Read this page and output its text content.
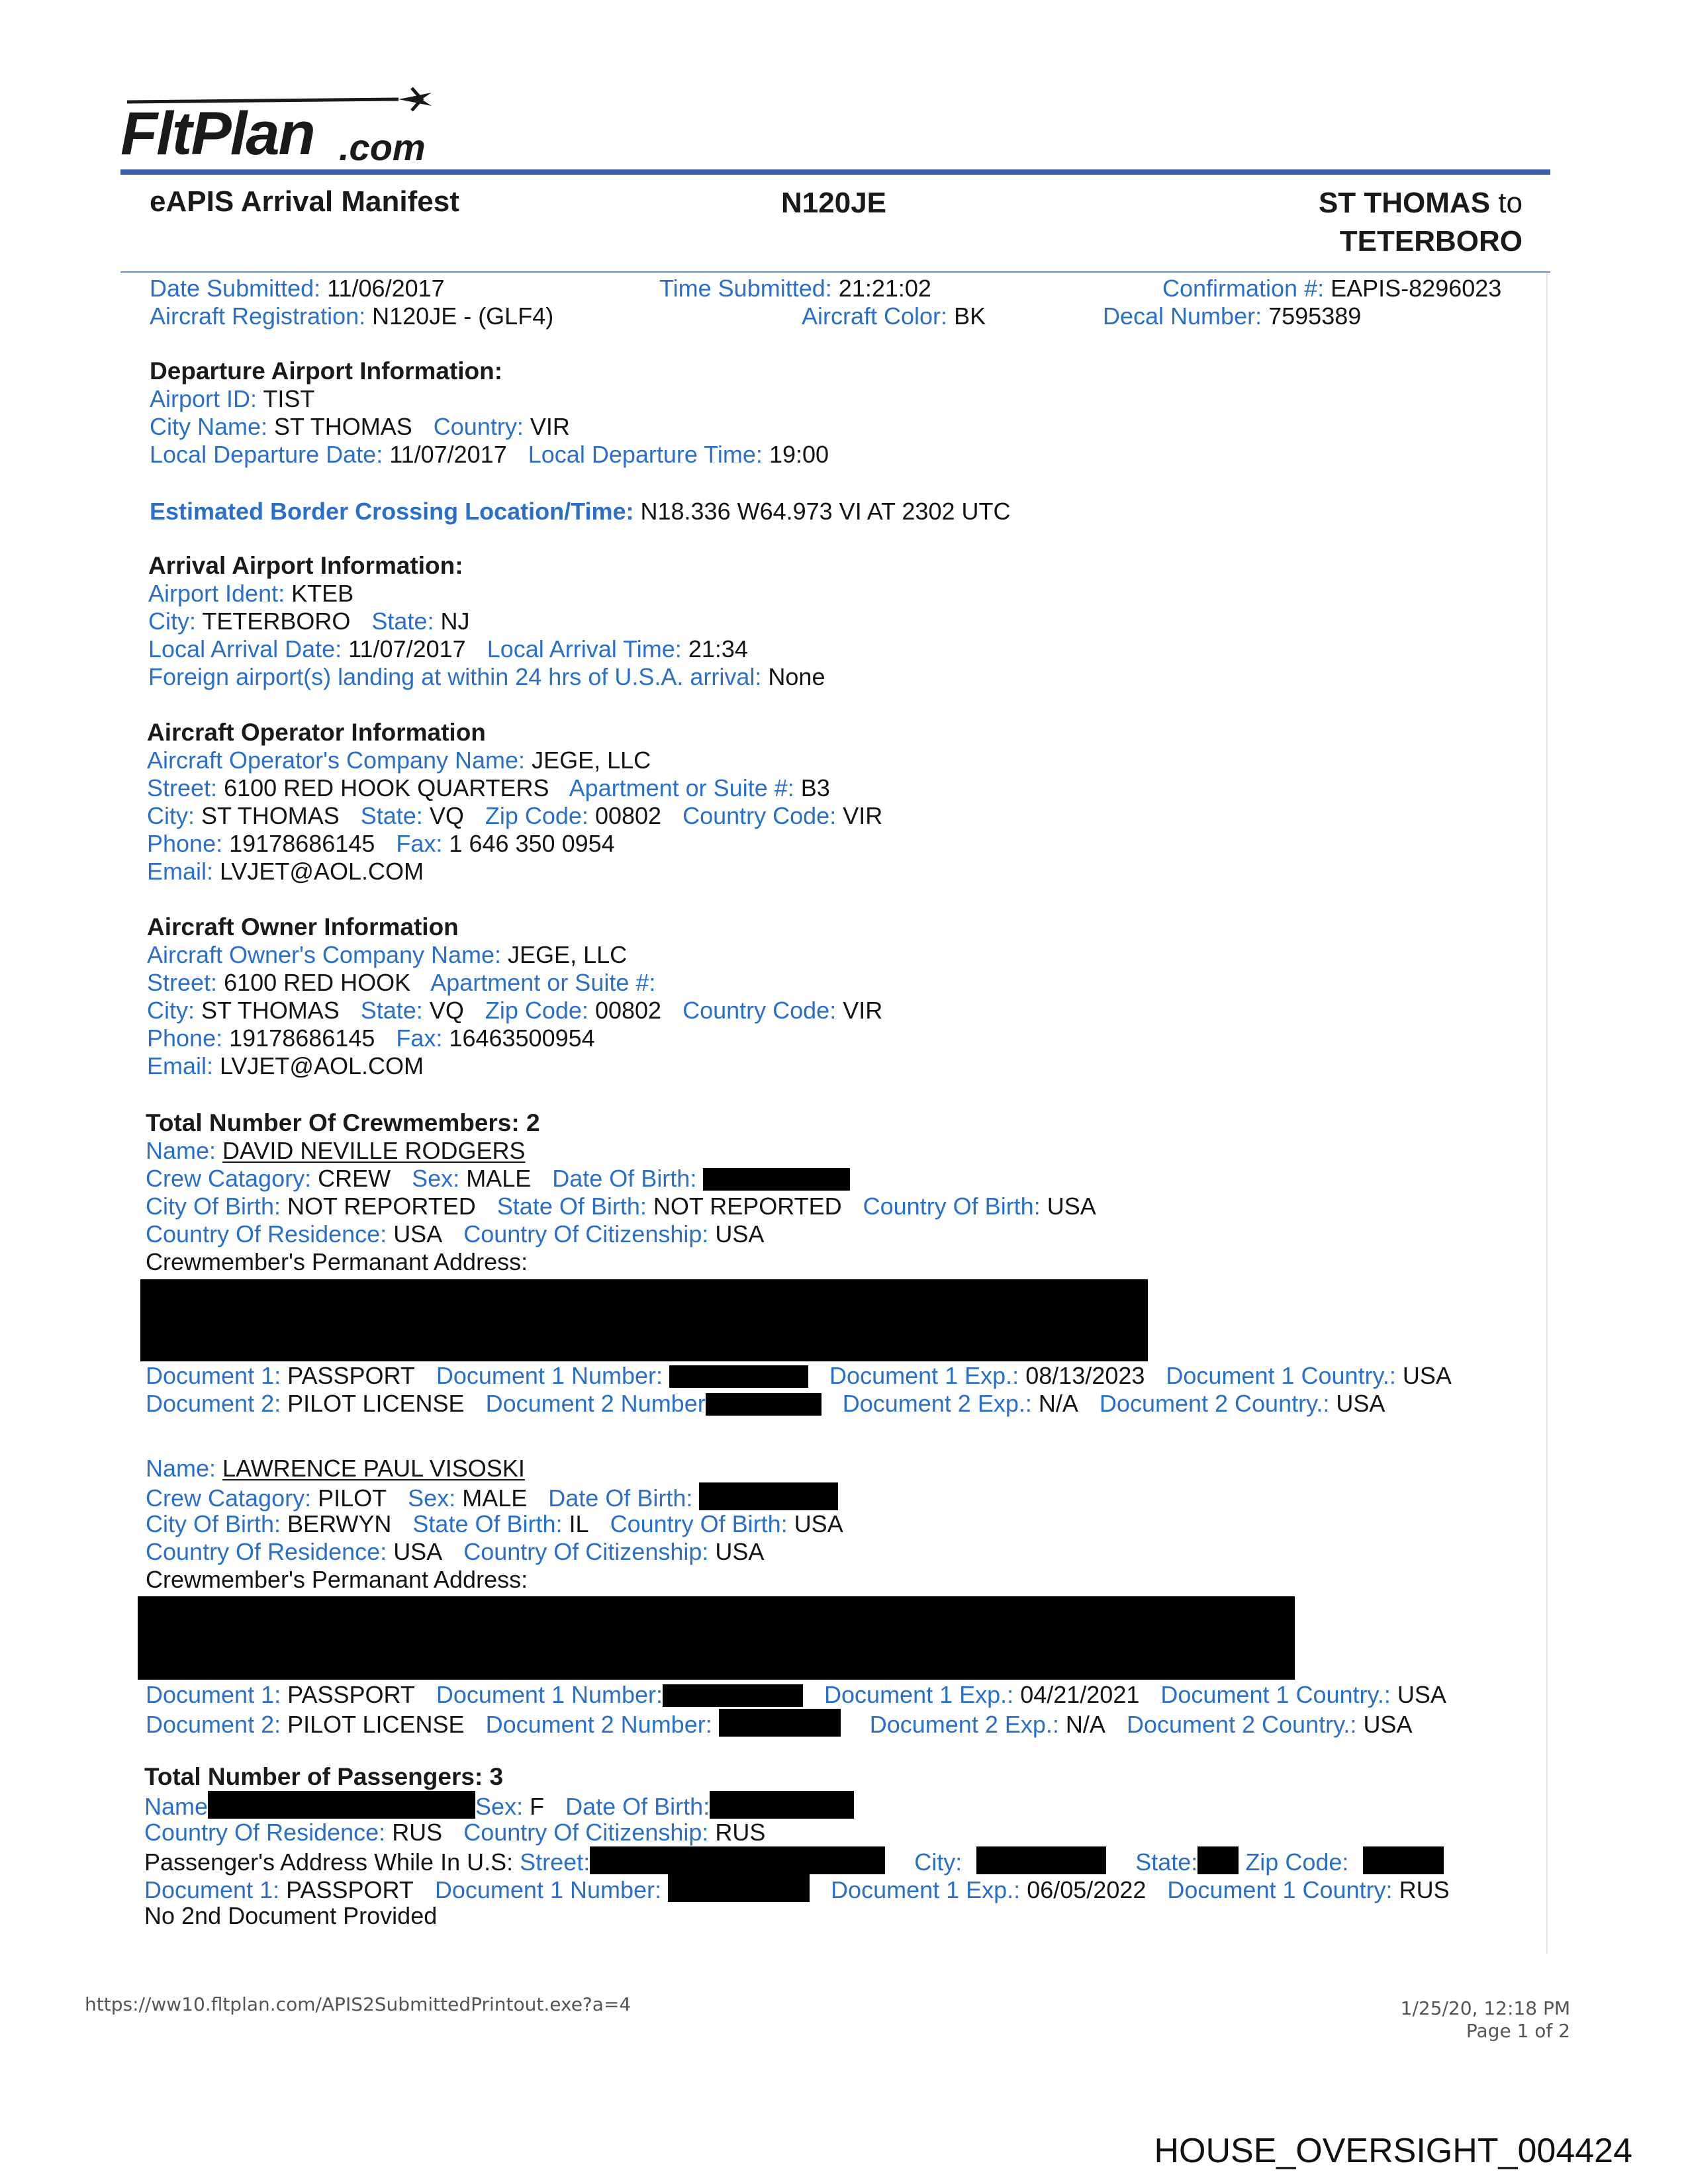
FltPlan .com
eAPIS Arrival Manifest	N120JE	ST THOMAS to
TETERBORO
Date Submitted: 11/06/2017	Time Submitted: 21:21:02	Confirmation #: EAPIS-8296023
Aircraft Registration: N120JE - (GLF4)	Aircraft Color: BK	Decal Number: 7595389
Departure Airport Information:
Airport ID: TIST
City Name: ST THOMAS Country: VIR
Local Departure Date: 11/07/2017 Local Departure Time: 19:00
Estimated Border Crossing Location/Time: N18.336 W64.973 VI AT 2302 UTC
Arrival Airport Information:
Airport Ident: KTEB
City: TETERBORO State: NJ
Local Arrival Date: 11/07/2017 Local Arrival Time: 21:34
Foreign airport(s) landing at within 24 hrs of U.S.A. arrival: None
Aircraft Operator Information
Aircraft Operator's Company Name: JEGE, LLC
Street: 6100 RED HOOK QUARTERS Apartment or Suite #: B3
City: ST THOMAS State: VQ Zip Code: 00802 Country Code: VIR
Phone: 19178686145 Fax: 1 646 350 0954
Email: LVJET@AOL.COM
Aircraft Owner Information
Aircraft Owner's Company Name: JEGE, LLC
Street: 6100 RED HOOK Apartment or Suite #:
City: ST THOMAS State: VQ Zip Code: 00802 Country Code: VIR
Phone: 19178686145 Fax: 16463500954
Email: LVJET@AOL.COM
Total Number Of Crewmembers: 2
Name: DAVID NEVILLE RODGERS
Crew Catagory: CREW Sex: MALE Date Of Birth:
City Of Birth: NOT REPORTED State Of Birth: NOT REPORTED Country Of Birth: USA
Country Of Residence: USA Country Of Citizenship: USA
Crewmember's Permanant Address:
Document 1: PASSPORT Document 1 Number:	Document 1 Exp.: 08/13/2023 Document 1 Country.: USA
Document 2: PILOT LICENSE Document 2 Number	Document 2 Exp.: N/A Document 2 Country.: USA
Name: LAWRENCE PAUL VISOSKI
Crew Catagory: PILOT Sex: MALE Date Of Birth:
City Of Birth: BERWYN State Of Birth: IL Country Of Birth: USA
Country Of Residence: USA Country Of Citizenship: USA
Crewmember's Permanant Address:
Document 1: PASSPORT Document 1 Number:	Document 1 Exp.: 04/21/2021 Document 1 Country.: USA
Document 2: PILOT LICENSE Document 2 Number:	Document 2 Exp.: N/A Document 2 Country.: USA
Total Number of Passengers: 3
Name	Sex: F Date Of Birth:
Country Of Residence: RUS Country Of Citizenship: RUS
Passenger's Address While In U.S: Street:	City:	State: Zip Code:
Document 1: PASSPORT Document 1 Number:	Document 1 Exp.: 06/05/2022 Document 1 Country: RUS
No 2nd Document Provided
https://ww10.fltplan.com/APIS2SubmittedPrintout.exe?a=4	1/25/20, 12:18 PM
Page 1 of 2
HOUSE_OVERSIGHT_004424
